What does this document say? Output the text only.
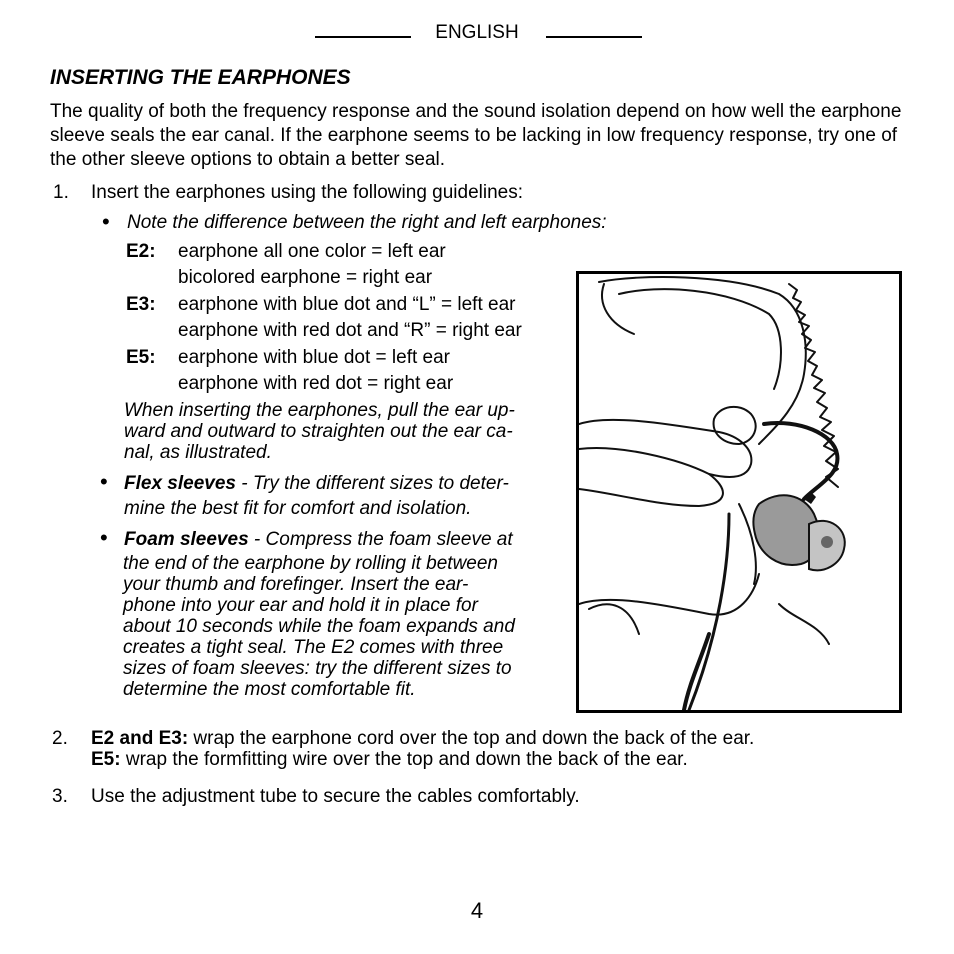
ENGLISH
INSERTING THE EARPHONES
The quality of both the frequency response and the sound isolation depend on how well the earphone sleeve seals the ear canal. If the earphone seems to be lacking in low frequency response, try one of the other sleeve options to obtain a better seal.
1. Insert the earphones using the following guidelines:
• Note the difference between the right and left earphones:
E2: earphone all one color = left ear
bicolored earphone = right ear
E3: earphone with blue dot and “L” = left ear
earphone with red dot and “R” = right ear
E5: earphone with blue dot = left ear
earphone with red dot = right ear
When inserting the earphones, pull the ear up-
ward and outward to straighten out the ear ca-
nal, as illustrated.
• Flex sleeves - Try the different sizes to deter-
mine the best fit for comfort and isolation.
• Foam sleeves - Compress the foam sleeve at
the end of the earphone by rolling it between
your thumb and forefinger. Insert the ear-
phone into your ear and hold it in place for
about 10 seconds while the foam expands and
creates a tight seal. The E2 comes with three
sizes of foam sleeves: try the different sizes to
determine the most comfortable fit.
2. E2 and E3: wrap the earphone cord over the top and down the back of the ear.
E5: wrap the formfitting wire over the top and down the back of the ear.
3. Use the adjustment tube to secure the cables comfortably.
4
